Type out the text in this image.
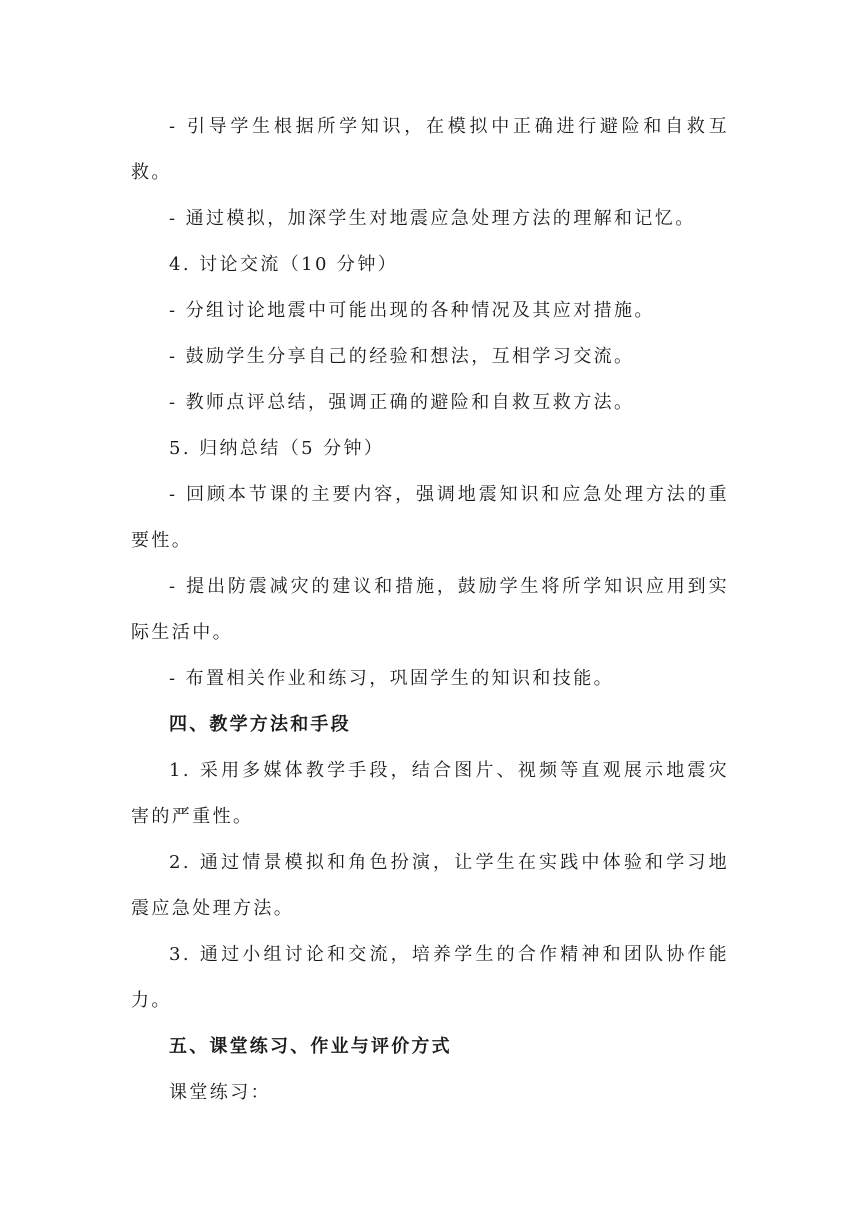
- 引导学生根据所学知识，在模拟中正确进行避险和自救互救。

- 通过模拟，加深学生对地震应急处理方法的理解和记忆。

4. 讨论交流（10 分钟）

- 分组讨论地震中可能出现的各种情况及其应对措施。

- 鼓励学生分享自己的经验和想法，互相学习交流。

- 教师点评总结，强调正确的避险和自救互救方法。

5. 归纳总结（5 分钟）

- 回顾本节课的主要内容，强调地震知识和应急处理方法的重要性。

- 提出防震减灾的建议和措施，鼓励学生将所学知识应用到实际生活中。

- 布置相关作业和练习，巩固学生的知识和技能。

四、教学方法和手段

1. 采用多媒体教学手段，结合图片、视频等直观展示地震灾害的严重性。

2. 通过情景模拟和角色扮演，让学生在实践中体验和学习地震应急处理方法。

3. 通过小组讨论和交流，培养学生的合作精神和团队协作能力。

五、课堂练习、作业与评价方式

课堂练习：
